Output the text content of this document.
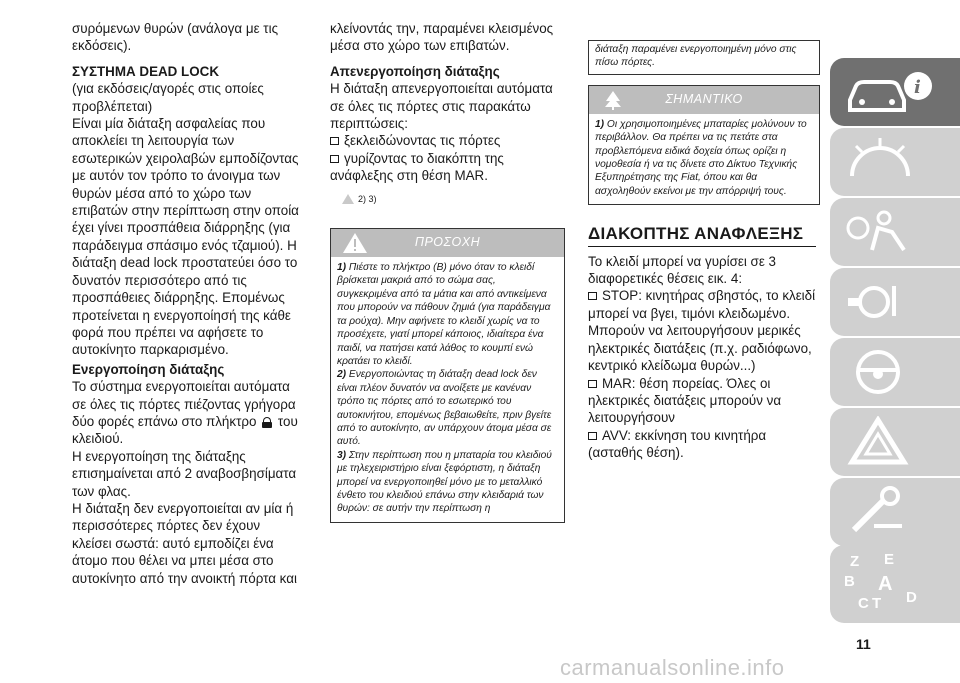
συρόμενων θυρών (ανάλογα με τις εκδόσεις).

ΣΥΣΤΗΜΑ DEAD LOCK

(για εκδόσεις/αγορές στις οποίες προβλέπεται)

Είναι μία διάταξη ασφαλείας που αποκλείει τη λειτουργία των εσωτερικών χειρολαβών εμποδίζοντας με αυτόν τον τρόπο το άνοιγμα των θυρών μέσα από το χώρο των επιβατών στην περίπτωση στην οποία έχει γίνει προσπάθεια διάρρηξης (για παράδειγμα σπάσιμο ενός τζαμιού). Η διάταξη dead lock προστατεύει όσο το δυνατόν περισσότερο από τις προσπάθειες διάρρηξης. Επομένως προτείνεται η ενεργοποίησή της κάθε φορά που πρέπει να αφήσετε το αυτοκίνητο παρκαρισμένο.

Ενεργοποίηση διάταξης

Το σύστημα ενεργοποιείται αυτόματα σε όλες τις πόρτες πιέζοντας γρήγορα δύο φορές επάνω στο πλήκτρο του κλειδιού.

Η ενεργοποίηση της διάταξης επισημαίνεται από 2 αναβοσβησίματα των φλας.

Η διάταξη δεν ενεργοποιείται αν μία ή περισσότερες πόρτες δεν έχουν κλείσει σωστά: αυτό εμποδίζει ένα άτομο που θέλει να μπει μέσα στο αυτοκίνητο από την ανοικτή πόρτα και

κλείνοντάς την, παραμένει κλεισμένος μέσα στο χώρο των επιβατών.

Απενεργοποίηση διάταξης

Η διάταξη απενεργοποιείται αυτόματα σε όλες τις πόρτες στις παρακάτω περιπτώσεις:

ξεκλειδώνοντας τις πόρτες

γυρίζοντας το διακόπτη της ανάφλεξης στη θέση MAR.

2) 3)
ΠΡΟΣΟΧΗ

1) Πιέστε το πλήκτρο (B) μόνο όταν το κλειδί βρίσκεται μακριά από το σώμα σας, συγκεκριμένα από τα μάτια και από αντικείμενα που μπορούν να πάθουν ζημιά (για παράδειγμα τα ρούχα). Μην αφήνετε το κλειδί χωρίς να το προσέχετε, γιατί μπορεί κάποιος, ιδιαίτερα ένα παιδί, να πατήσει κατά λάθος το κουμπί ενώ κρατάει το κλειδί.

2) Ενεργοποιώντας τη διάταξη dead lock δεν είναι πλέον δυνατόν να ανοίξετε με κανέναν τρόπο τις πόρτες από το εσωτερικό του αυτοκινήτου, επομένως βεβαιωθείτε, πριν βγείτε από το αυτοκίνητο, αν υπάρχουν άτομα μέσα σε αυτό.

3) Στην περίπτωση που η μπαταρία του κλειδιού με τηλεχειριστήριο είναι ξεφόρτιστη, η διάταξη μπορεί να ενεργοποιηθεί μόνο με το μεταλλικό ένθετο του κλειδιού επάνω στην κλειδαριά των θυρών: σε αυτήν την περίπτωση η

διάταξη παραμένει ενεργοποιημένη μόνο στις πίσω πόρτες.
ΣΗΜΑΝΤΙΚΟ

1) Οι χρησιμοποιημένες μπαταρίες μολύνουν το περιβάλλον. Θα πρέπει να τις πετάτε στα προβλεπόμενα ειδικά δοχεία όπως ορίζει η νομοθεσία ή να τις δίνετε στο Δίκτυο Τεχνικής Εξυπηρέτησης της Fiat, όπου και θα ασχοληθούν εκείνοι με την απόρριψή τους.

ΔΙΑΚΟΠΤΗΣ ΑΝΑΦΛΕΞΗΣ

Το κλειδί μπορεί να γυρίσει σε 3 διαφορετικές θέσεις εικ. 4:

STOP: κινητήρας σβηστός, το κλειδί μπορεί να βγει, τιμόνι κλειδωμένο. Μπορούν να λειτουργήσουν μερικές ηλεκτρικές διατάξεις (π.χ. ραδιόφωνο, κεντρικό κλείδωμα θυρών...)

MAR: θέση πορείας. Όλες οι ηλεκτρικές διατάξεις μπορούν να λειτουργήσουν

AVV: εκκίνηση του κινητήρα (ασταθής θέση).

i
Z E
B A
C T D
11
carmanualsonline.info
